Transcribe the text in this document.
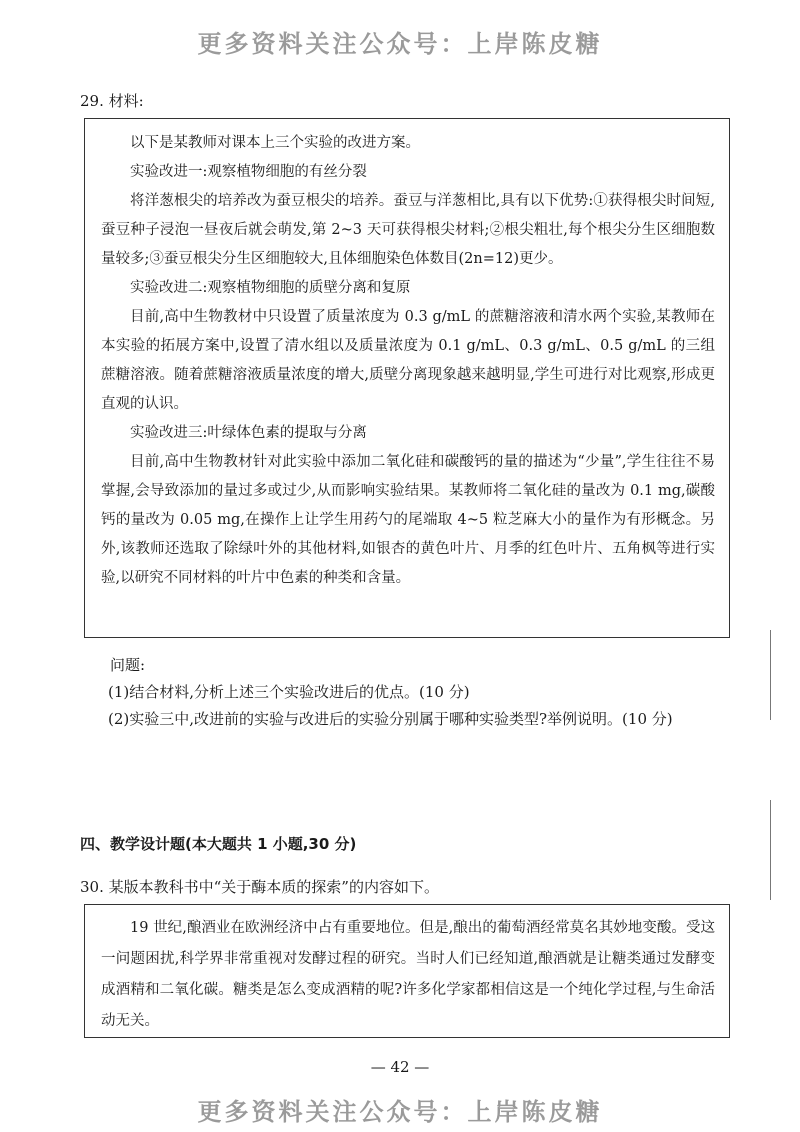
更多资料关注公众号：上岸陈皮糖
29. 材料:

以下是某教师对课本上三个实验的改进方案。

实验改进一:观察植物细胞的有丝分裂

将洋葱根尖的培养改为蚕豆根尖的培养。蚕豆与洋葱相比,具有以下优势:①获得根尖时间短,蚕豆种子浸泡一昼夜后就会萌发,第 2~3 天可获得根尖材料;②根尖粗壮,每个根尖分生区细胞数量较多;③蚕豆根尖分生区细胞较大,且体细胞染色体数目(2n=12)更少。

实验改进二:观察植物细胞的质壁分离和复原

目前,高中生物教材中只设置了质量浓度为 0.3 g/mL 的蔗糖溶液和清水两个实验,某教师在本实验的拓展方案中,设置了清水组以及质量浓度为 0.1 g/mL、0.3 g/mL、0.5 g/mL 的三组蔗糖溶液。随着蔗糖溶液质量浓度的增大,质壁分离现象越来越明显,学生可进行对比观察,形成更直观的认识。

实验改进三:叶绿体色素的提取与分离

目前,高中生物教材针对此实验中添加二氧化硅和碳酸钙的量的描述为“少量”,学生往往不易掌握,会导致添加的量过多或过少,从而影响实验结果。某教师将二氧化硅的量改为 0.1 mg,碳酸钙的量改为 0.05 mg,在操作上让学生用药勺的尾端取 4~5 粒芝麻大小的量作为有形概念。另外,该教师还选取了除绿叶外的其他材料,如银杏的黄色叶片、月季的红色叶片、五角枫等进行实验,以研究不同材料的叶片中色素的种类和含量。

问题:
(1)结合材料,分析上述三个实验改进后的优点。(10 分)
(2)实验三中,改进前的实验与改进后的实验分别属于哪种实验类型?举例说明。(10 分)
四、教学设计题(本大题共 1 小题,30 分)
30. 某版本教科书中“关于酶本质的探索”的内容如下。

19 世纪,酿酒业在欧洲经济中占有重要地位。但是,酿出的葡萄酒经常莫名其妙地变酸。受这一问题困扰,科学界非常重视对发酵过程的研究。当时人们已经知道,酿酒就是让糖类通过发酵变成酒精和二氧化碳。糖类是怎么变成酒精的呢?许多化学家都相信这是一个纯化学过程,与生命活动无关。

— 42 —
更多资料关注公众号：上岸陈皮糖
